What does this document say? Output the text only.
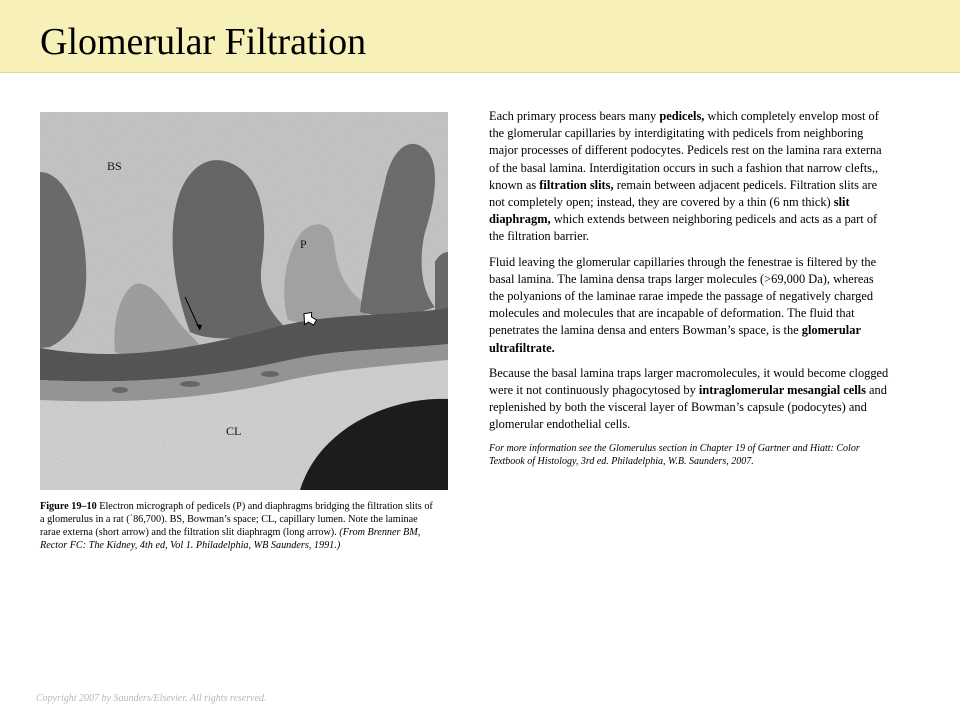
Glomerular Filtration
BS
P
CL
Figure 19–10 Electron micrograph of pedicels (P) and diaphragms bridging the filtration slits of a glomerulus in a rat (´86,700). BS, Bowman’s space; CL, capillary lumen. Note the laminae rarae externa (short arrow) and the filtration slit diaphragm (long arrow). (From Brenner BM, Rector FC: The Kidney, 4th ed, Vol 1. Philadelphia, WB Saunders, 1991.)

Each primary process bears many pedicels, which completely envelop most of the glomerular capillaries by interdigitating with pedicels from neighboring major processes of different podocytes. Pedicels rest on the lamina rara externa of the basal lamina. Interdigitation occurs in such a fashion that narrow clefts,, known as filtration slits, remain between adjacent pedicels. Filtration slits are not completely open; instead, they are covered by a thin (6 nm thick) slit diaphragm, which extends between neighboring pedicels and acts as a part of the filtration barrier.

Fluid leaving the glomerular capillaries through the fenestrae is filtered by the basal lamina. The lamina densa traps larger molecules (>69,000 Da), whereas the polyanions of the laminae rarae impede the passage of negatively charged molecules and molecules that are incapable of deformation. The fluid that penetrates the lamina densa and enters Bowman’s space, is the glomerular ultrafiltrate.

Because the basal lamina traps larger macromolecules, it would become clogged were it not continuously phagocytosed by intraglomerular mesangial cells and replenished by both the visceral layer of Bowman’s capsule (podocytes) and glomerular endothelial cells.

For more information see the Glomerulus section in Chapter 19 of Gartner and Hiatt: Color Textbook of Histology, 3rd ed. Philadelphia, W.B. Saunders, 2007.
Copyright 2007 by Saunders/Elsevier. All rights reserved.
